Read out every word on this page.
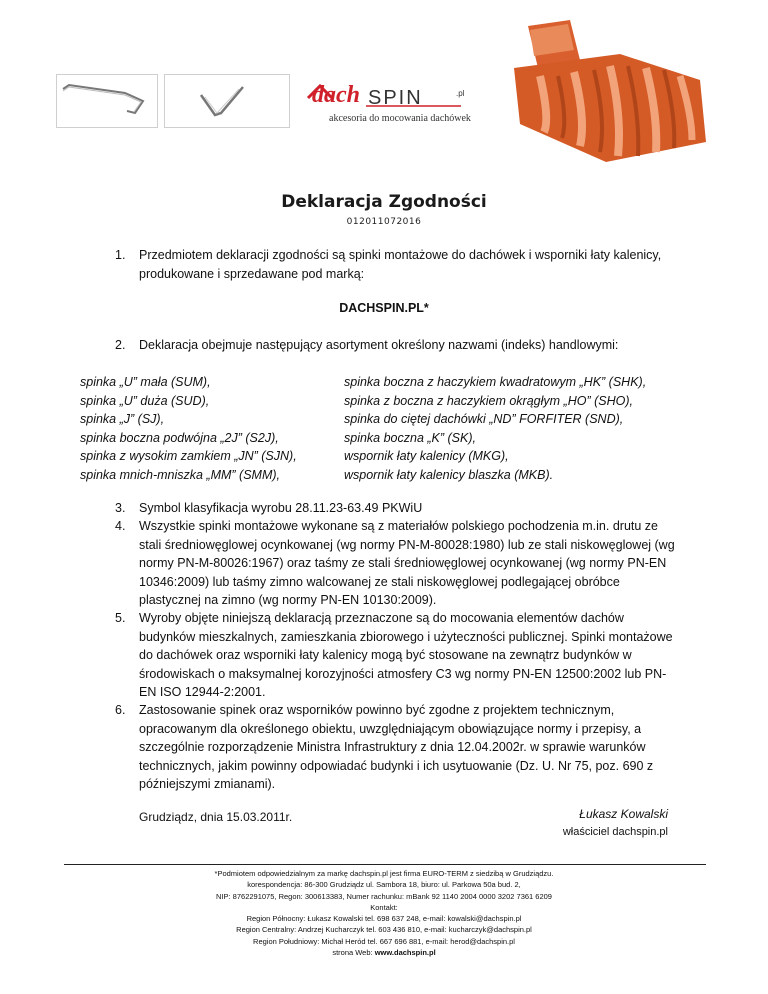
dach SPIN	.pl
akcesoria do mocowania dachówek
Deklaracja Zgodności
012011072016
1. Przedmiotem deklaracji zgodności są spinki montażowe do dachówek i wsporniki łaty kalenicy, produkowane i sprzedawane pod marką:
DACHSPIN.PL*
2. Deklaracja obejmuje następujący asortyment określony nazwami (indeks) handlowymi:
spinka „U” mała (SUM),
spinka „U” duża (SUD),
spinka „J” (SJ),
spinka boczna podwójna „2J” (S2J),
spinka z wysokim zamkiem „JN” (SJN),
spinka mnich-mniszka „MM” (SMM),
spinka boczna z haczykiem kwadratowym „HK” (SHK),
spinka z boczna z haczykiem okrągłym „HO” (SHO),
spinka do ciętej dachówki „ND” FORFITER (SND),
spinka boczna „K” (SK),
wspornik łaty kalenicy (MKG),
wspornik łaty kalenicy blaszka (MKB).
3. Symbol klasyfikacja wyrobu 28.11.23-63.49 PKWiU
4. Wszystkie spinki montażowe wykonane są z materiałów polskiego pochodzenia m.in. drutu ze stali średniowęglowej ocynkowanej (wg normy PN-M-80028:1980) lub ze stali niskowęglowej (wg normy PN-M-80026:1967) oraz taśmy ze stali średniowęglowej ocynkowanej (wg normy PN-EN 10346:2009) lub taśmy zimno walcowanej ze stali niskowęglowej podlegającej obróbce plastycznej na zimno (wg normy PN-EN 10130:2009).
5. Wyroby objęte niniejszą deklaracją przeznaczone są do mocowania elementów dachów budynków mieszkalnych, zamieszkania zbiorowego i użyteczności publicznej. Spinki montażowe do dachówek oraz wsporniki łaty kalenicy mogą być stosowane na zewnątrz budynków w środowiskach o maksymalnej korozyjności atmosfery C3 wg normy PN-EN 12500:2002 lub PN-EN ISO 12944-2:2001.
6. Zastosowanie spinek oraz wsporników powinno być zgodne z projektem technicznym, opracowanym dla określonego obiektu, uwzględniającym obowiązujące normy i przepisy, a szczególnie rozporządzenie Ministra Infrastruktury z dnia 12.04.2002r. w sprawie warunków technicznych, jakim powinny odpowiadać budynki i ich usytuowanie (Dz. U. Nr 75, poz. 690 z późniejszymi zmianami).
Grudziądz, dnia 15.03.2011r.	Łukasz Kowalski
właściciel dachspin.pl
*Podmiotem odpowiedzialnym za markę dachspin.pl jest firma EURO-TERM z siedzibą w Grudziądzu.
korespondencja: 86-300 Grudziądz ul. Sambora 18, biuro: ul. Parkowa 50a bud. 2,
NIP: 8762291075, Regon: 300613383, Numer rachunku: mBank 92 1140 2004 0000 3202 7361 6209
Kontakt:
Region Północny: Łukasz Kowalski tel. 698 637 248, e-mail: kowalski@dachspin.pl
Region Centralny: Andrzej Kucharczyk tel. 603 436 810, e-mail: kucharczyk@dachspin.pl
Region Południowy: Michał Heród tel. 667 696 881, e-mail: herod@dachspin.pl
strona Web: www.dachspin.pl
